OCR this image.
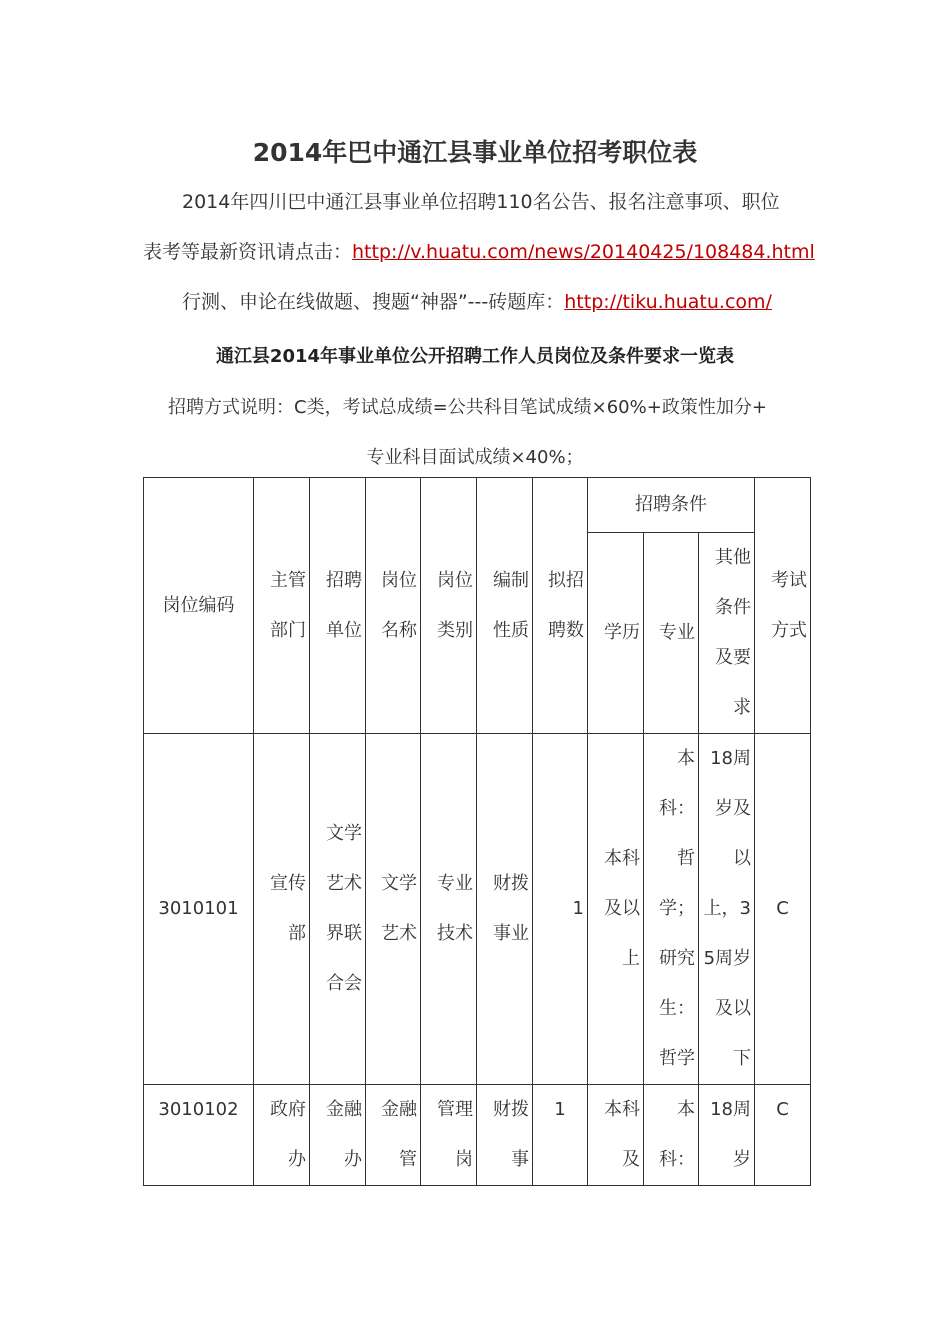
2014年巴中通江县事业单位招考职位表
2014年四川巴中通江县事业单位招聘110名公告、报名注意事项、职位
表考等最新资讯请点击：http://v.huatu.com/news/20140425/108484.html
行测、申论在线做题、搜题“神器”---砖题库：http://tiku.huatu.com/
通江县2014年事业单位公开招聘工作人员岗位及条件要求一览表
招聘方式说明：C类，考试总成绩=公共科目笔试成绩×60%+政策性加分+
专业科目面试成绩×40%；
岗位编码	主管部门	招聘单位	岗位名称	岗位类别	编制性质	拟招聘数	招聘条件			考试方式
							学历	专业	其他条件及要求	
3010101	宣传部	文学艺术界联合会	文学艺术	专业技术	财拨事业	1	本科及以上	本科：哲学；研究生：哲学	18周岁及以上，35周岁及以下	C
3010102	政府办	金融办	金融管	管理岗	财拨事	1	本科及	本科：	18周岁	C
